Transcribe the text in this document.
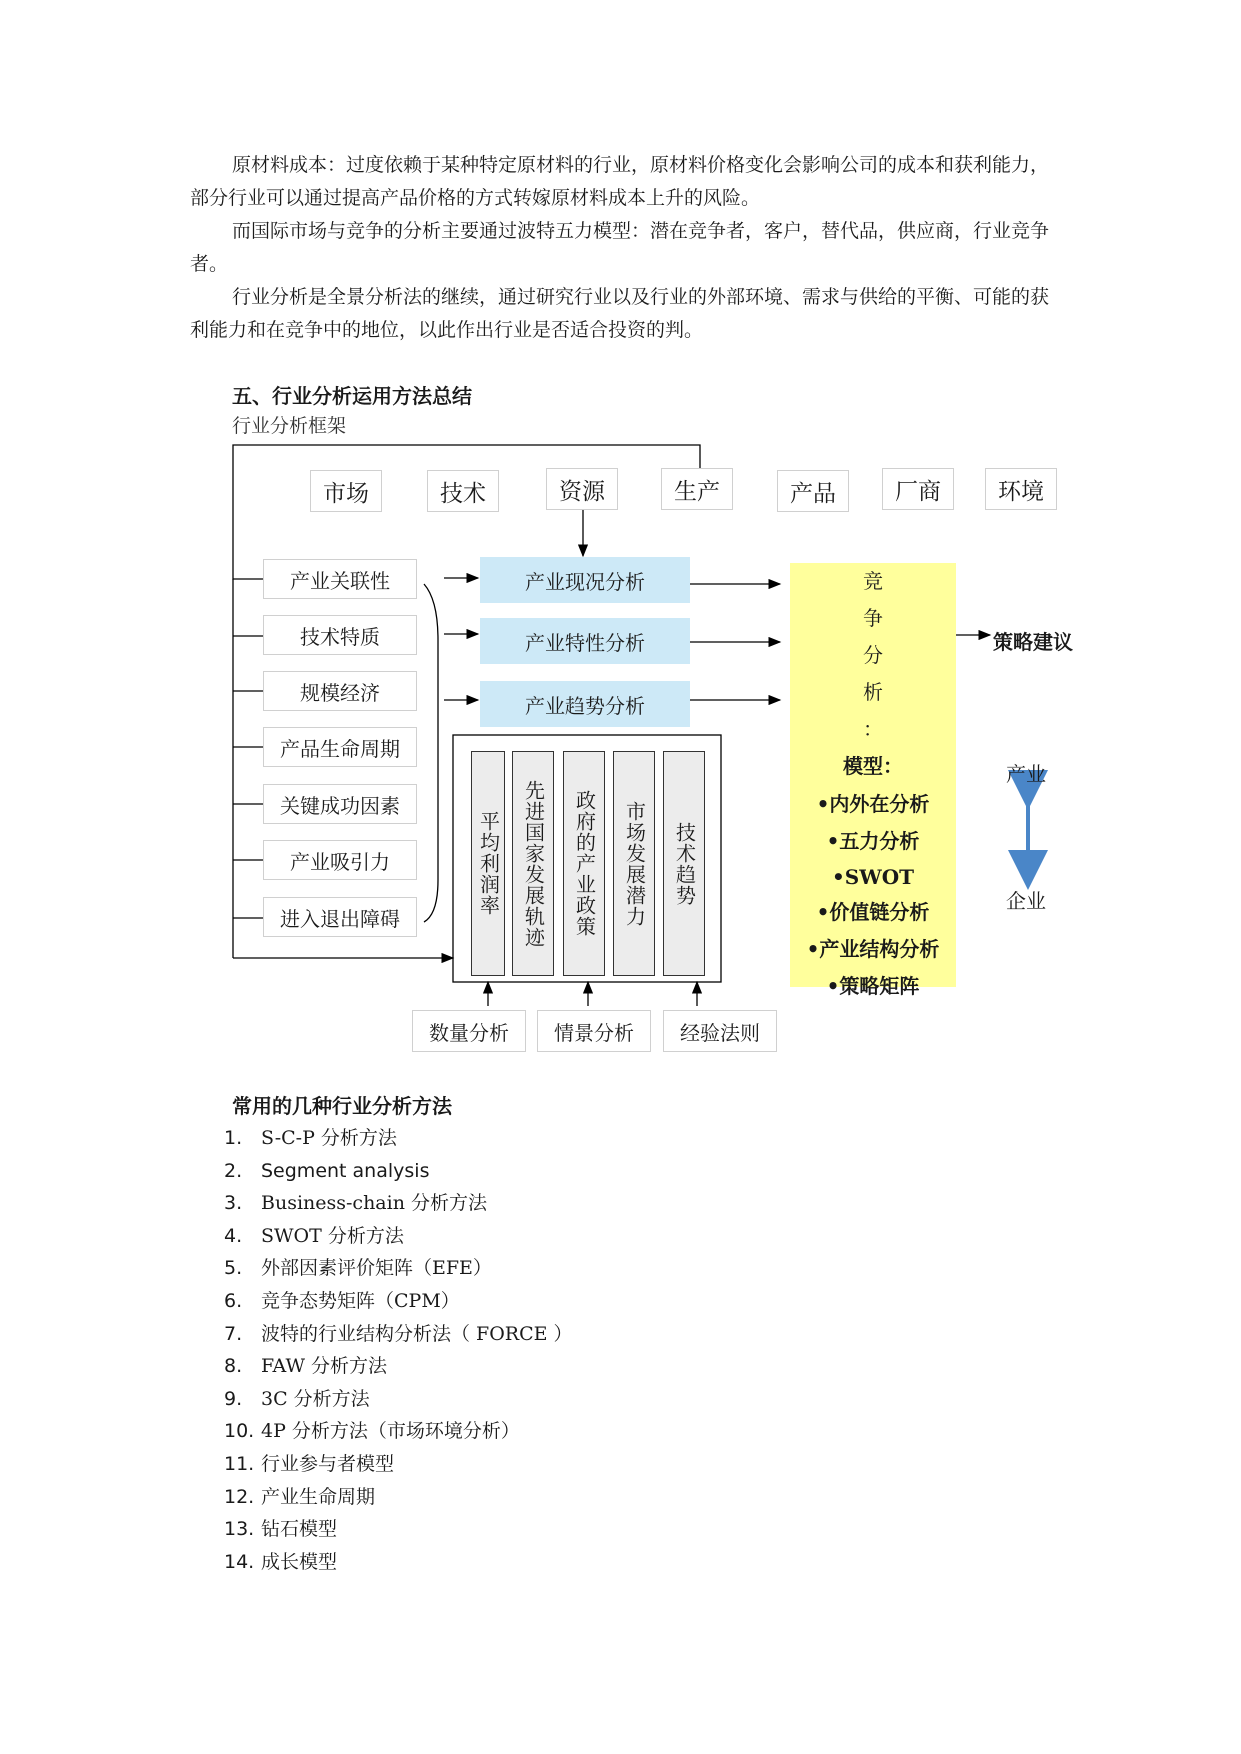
原材料成本：过度依赖于某种特定原材料的行业，原材料价格变化会影响公司的成本和获利能力，部分行业可以通过提高产品价格的方式转嫁原材料成本上升的风险。

而国际市场与竞争的分析主要通过波特五力模型：潜在竞争者，客户，替代品，供应商，行业竞争者。

行业分析是全景分析法的继续，通过研究行业以及行业的外部环境、需求与供给的平衡、可能的获利能力和在竞争中的地位，以此作出行业是否适合投资的判。

五、行业分析运用方法总结
行业分析框架
市场	技术	资源	生产	产品	厂商	环境
产业关联性
技术特质
规模经济
产品生命周期
关键成功因素
产业吸引力
进入退出障碍
产业现况分析
产业特性分析
产业趋势分析
平均利润率 先进国家发展轨迹 政府的产业政策 市场发展潜力 技术趋势
数量分析	情景分析	经验法则
竞
争
分
析
：
模型：
•内外在分析
•五力分析
•SWOT
•价值链分析
•产业结构分析
•策略矩阵
策略建议
产业
企业
常用的几种行业分析方法
1. S-C-P 分析方法
2. Segment analysis
3. Business-chain 分析方法
4. SWOT 分析方法
5. 外部因素评价矩阵（EFE）
6. 竞争态势矩阵（CPM）
7. 波特的行业结构分析法（ FORCE ）
8. FAW 分析方法
9. 3C 分析方法
10. 4P 分析方法（市场环境分析）
11. 行业参与者模型
12. 产业生命周期
13. 钻石模型
14. 成长模型
